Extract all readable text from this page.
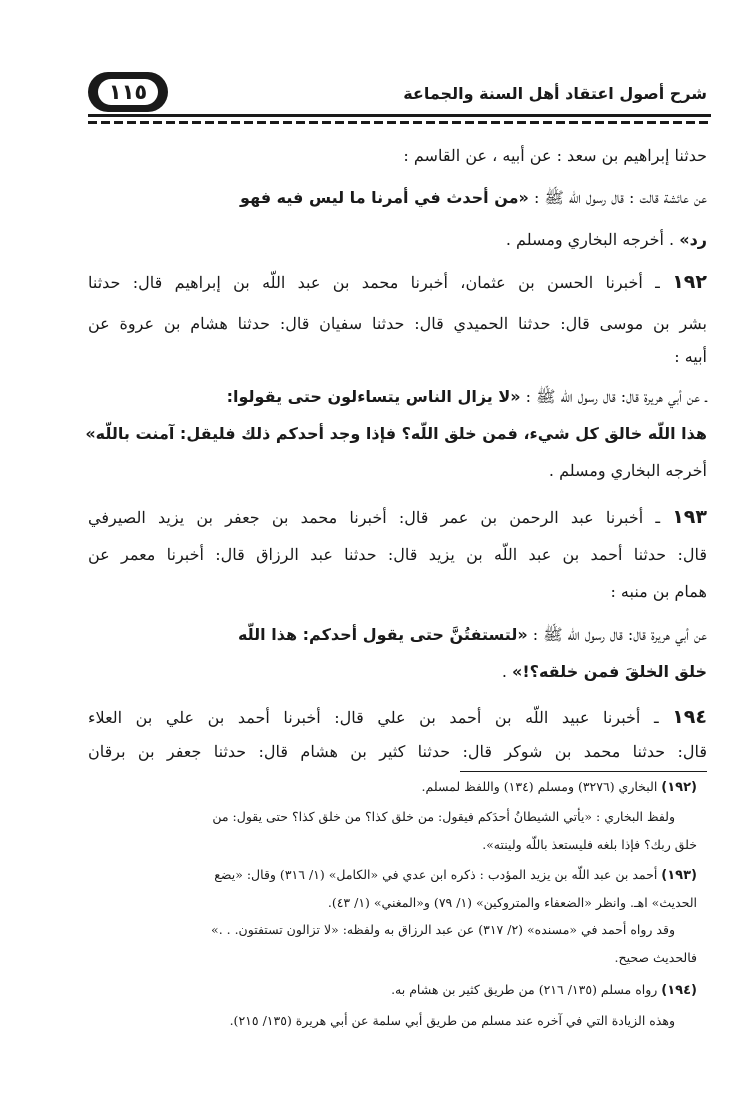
١١٥	شرح أصول اعتقاد أهل السنة والجماعة
حدثنا إبراهيم بن سعد : عن أبيه ، عن القاسم :
عن عائشة قالت : قال رسول اللّه ﷺ : «من أحدث في أمرنا ما ليس فيه فهو
رد» . أخرجه البخاري ومسلم .
١٩٢ ـ أخبرنا الحسن بن عثمان، أخبرنا محمد بن عبد اللّه بن إبراهيم قال: حدثنا
بشر بن موسى قال: حدثنا الحميدي قال: حدثنا سفيان قال: حدثنا هشام بن عروة عن
أبيه :
ـ عن أبي هريرة قال: قال رسول اللّه ﷺ : «لا يزال الناس يتساءلون حتى يقولوا:
هذا اللّه خالق كل شيء، فمن خلق اللّه؟ فإذا وجد أحدكم ذلك فليقل: آمنت باللّه»
أخرجه البخاري ومسلم .
١٩٣ ـ أخبرنا عبد الرحمن بن عمر قال: أخبرنا محمد بن جعفر بن يزيد الصيرفي
قال: حدثنا أحمد بن عبد اللّه بن يزيد قال: حدثنا عبد الرزاق قال: أخبرنا معمر عن
همام بن منبه :
عن أبي هريرة قال: قال رسول اللّه ﷺ : «لتستفتُنَّ حتى يقول أحدكم: هذا اللّه
خلق الخلقَ فمن خلقه؟!» .
١٩٤ ـ أخبرنا عبيد اللّه بن أحمد بن علي قال: أخبرنا أحمد بن علي بن العلاء
قال: حدثنا محمد بن شوكر قال: حدثنا كثير بن هشام قال: حدثنا جعفر بن برقان
(١٩٢) البخاري (٣٢٧٦) ومسلم (١٣٤) واللفظ لمسلم.
ولفظ البخاري : «يأتي الشيطانُ أحدَكم فيقول: من خلق كذا؟ من خلق كذا؟ حتى يقول: من
خلق ربك؟ فإذا بلغه فليستعذ باللّه ولينته».
(١٩٣) أحمد بن عبد اللّه بن يزيد المؤدب : ذكره ابن عدي في «الكامل» (١/ ٣١٦) وقال: «يضع
الحديث» اهـ. وانظر «الضعفاء والمتروكين» (١/ ٧٩) و«المغني» (١/ ٤٣).
وقد رواه أحمد في «مسنده» (٢/ ٣١٧) عن عبد الرزاق به ولفظه: «لا تزالون تستفتون. . .»
فالحديث صحيح.
(١٩٤) رواه مسلم (١٣٥/ ٢١٦) من طريق كثير بن هشام به.
وهذه الزيادة التي في آخره عند مسلم من طريق أبي سلمة عن أبي هريرة (١٣٥/ ٢١٥).
